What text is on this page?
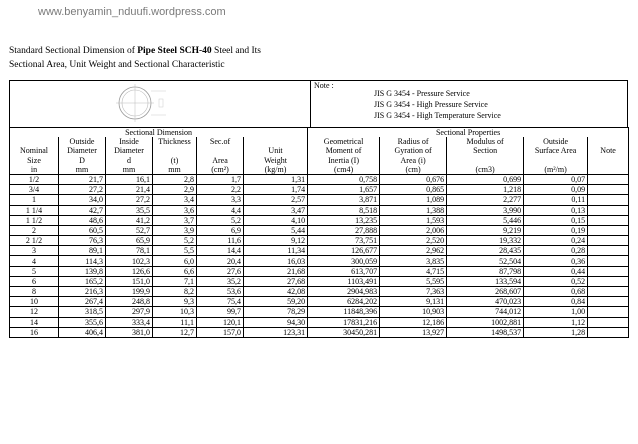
www.benyamin_nduufi.wordpress.com
Standard Sectional Dimension of Pipe Steel SCH-40 Steel and Its
Sectional Area, Unit Weight and Sectional Characteristic
Note :
JIS G 3454 - Pressure Service
JIS G 3454 - High Pressure Service
JIS G 3454 - High Temperature Service
Sectional Dimension						Sectional Properties				
	Outside	Inside	Thickness	Sec.of		Geometrical	Radius of	Modulus of	Outside	
Nominal	Diameter	Diameter			Unit	Moment of	Gyration of	Section	Surface Area	Note
Size	D	d	(t)	Area	Weight	Inertia (I)	Area (i)			
in	mm	mm	mm	(cm²)	(kg/m)	(cm4)	(cm)	(cm3)	(m²/m)	
1/2	21,7	16,1	2,8	1,7	1,31	0,758	0,676	0,699	0,07	
3/4	27,2	21,4	2,9	2,2	1,74	1,657	0,865	1,218	0,09	
1	34,0	27,2	3,4	3,3	2,57	3,871	1,089	2,277	0,11	
1 1/4	42,7	35,5	3,6	4,4	3,47	8,518	1,388	3,990	0,13	
1 1/2	48,6	41,2	3,7	5,2	4,10	13,235	1,593	5,446	0,15	
2	60,5	52,7	3,9	6,9	5,44	27,888	2,006	9,219	0,19	
2 1/2	76,3	65,9	5,2	11,6	9,12	73,751	2,520	19,332	0,24	
3	89,1	78,1	5,5	14,4	11,34	126,677	2,962	28,435	0,28	
4	114,3	102,3	6,0	20,4	16,03	300,059	3,835	52,504	0,36	
5	139,8	126,6	6,6	27,6	21,68	613,707	4,715	87,798	0,44	
6	165,2	151,0	7,1	35,2	27,68	1103,491	5,595	133,594	0,52	
8	216,3	199,9	8,2	53,6	42,08	2904,983	7,363	268,607	0,68	
10	267,4	248,8	9,3	75,4	59,20	6284,202	9,131	470,023	0,84	
12	318,5	297,9	10,3	99,7	78,29	11848,396	10,903	744,012	1,00	
14	355,6	333,4	11,1	120,1	94,30	17831,216	12,186	1002,881	1,12	
16	406,4	381,0	12,7	157,0	123,31	30450,281	13,927	1498,537	1,28	
